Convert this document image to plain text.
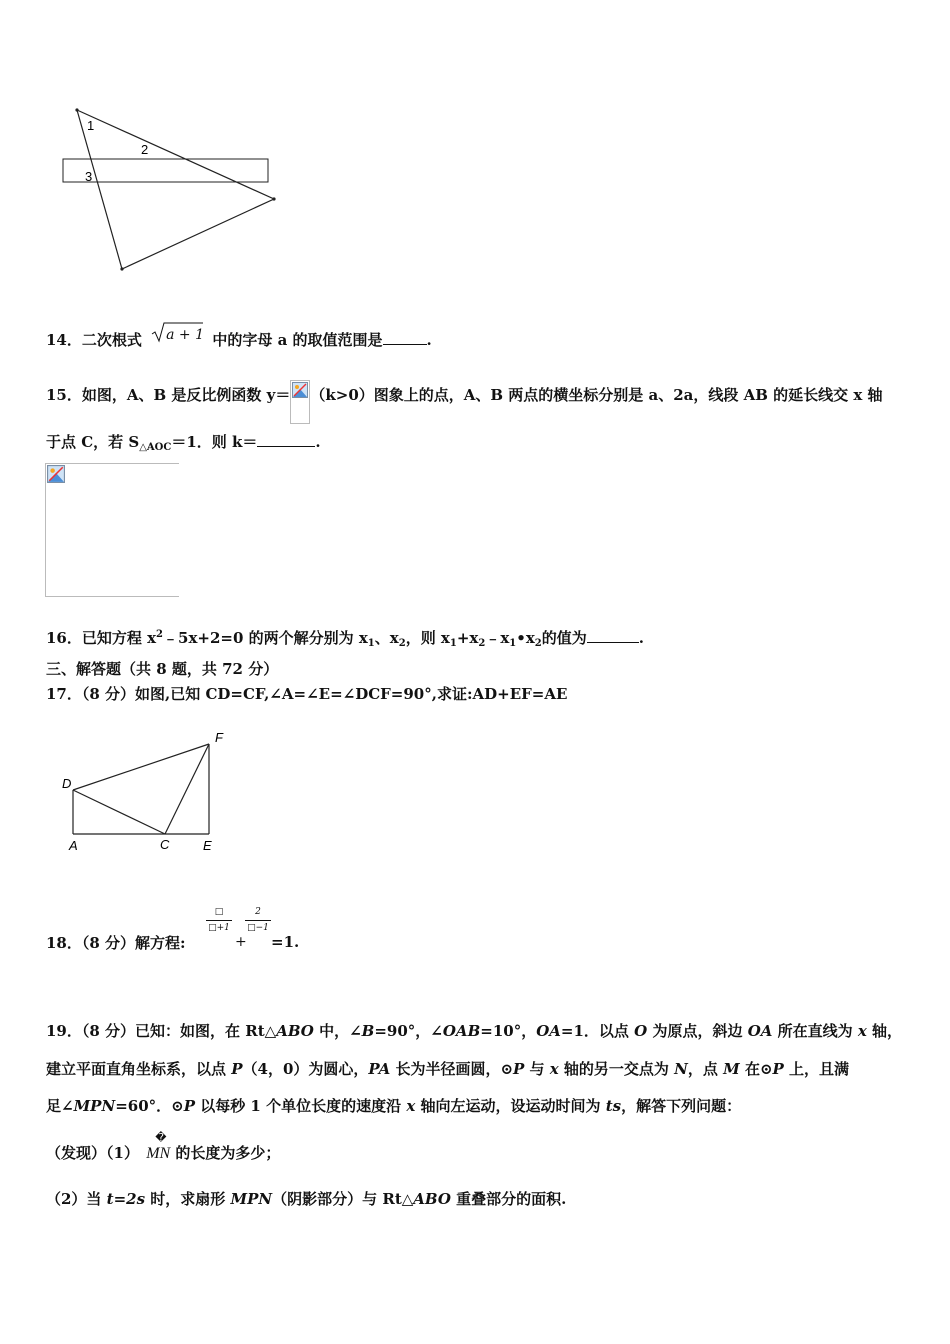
1
2
3
14．二次根式 a + 1 中的字母 a 的取值范围是	.
15．如图，A、B 是反比例函数 y＝ （k>0）图象上的点，A、B 两点的横坐标分别是 a、2a，线段 AB 的延长线交 x 轴
于点 C，若 $S_{\triangle AOC}=1$．则 k＝	.
16．已知方程 $x^2﹣5x+2=0$ 的两个解分别为 $x_1$、$x_2$，则 $x_1+x_2﹣x_1•x_2$的值为	.
三、解答题（共 8 题，共 72 分）
17．（8 分）如图,已知 CD=CF,∠A=∠E=∠DCF=90°,求证:AD+EF=AE
F
D
A	C	E
18．（8 分）解方程:
□
□+1
+
2
□−1
=1.
19．（8 分）已知：如图，在 Rt△ABO 中，∠B=90°，∠OAB=10°，OA=1．以点 O 为原点，斜边 OA 所在直线为 x 轴，
建立平面直角坐标系，以点 P（4，0）为圆心，PA 长为半径画圆，⊙P 与 x 轴的另一交点为 N，点 M 在⊙P 上，且满
足∠MPN=60°．⊙P 以每秒 1 个单位长度的速度沿 x 轴向左运动，设运动时间为 ts，解答下列问题：
（发现）（1）
�
MN 的长度为多少；
（2）当 t=2s 时，求扇形 MPN（阴影部分）与 Rt△ABO 重叠部分的面积.
